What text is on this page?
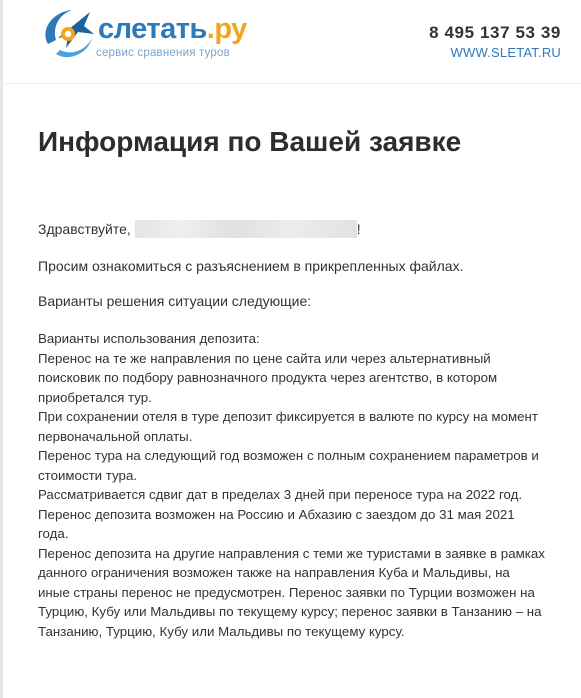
слетать.ру
сервис сравнения туров
8 495 137 53 39
WWW.SLETAT.RU
Информация по Вашей заявке
Здравствуйте,	!
Просим ознакомиться с разъяснением в прикрепленных файлах.
Варианты решения ситуации следующие:
Варианты использования депозита:
Перенос на те же направления по цене сайта или через альтернативный
поисковик по подбору равнозначного продукта через агентство, в котором
приобретался тур.
При сохранении отеля в туре депозит фиксируется в валюте по курсу на момент
первоначальной оплаты.
Перенос тура на следующий год возможен с полным сохранением параметров и
стоимости тура.
Рассматривается сдвиг дат в пределах 3 дней при переносе тура на 2022 год.
Перенос депозита возможен на Россию и Абхазию с заездом до 31 мая 2021
года.
Перенос депозита на другие направления с теми же туристами в заявке в рамках
данного ограничения возможен также на направления Куба и Мальдивы, на
иные страны перенос не предусмотрен. Перенос заявки по Турции возможен на
Турцию, Кубу или Мальдивы по текущему курсу; перенос заявки в Танзанию – на
Танзанию, Турцию, Кубу или Мальдивы по текущему курсу.
